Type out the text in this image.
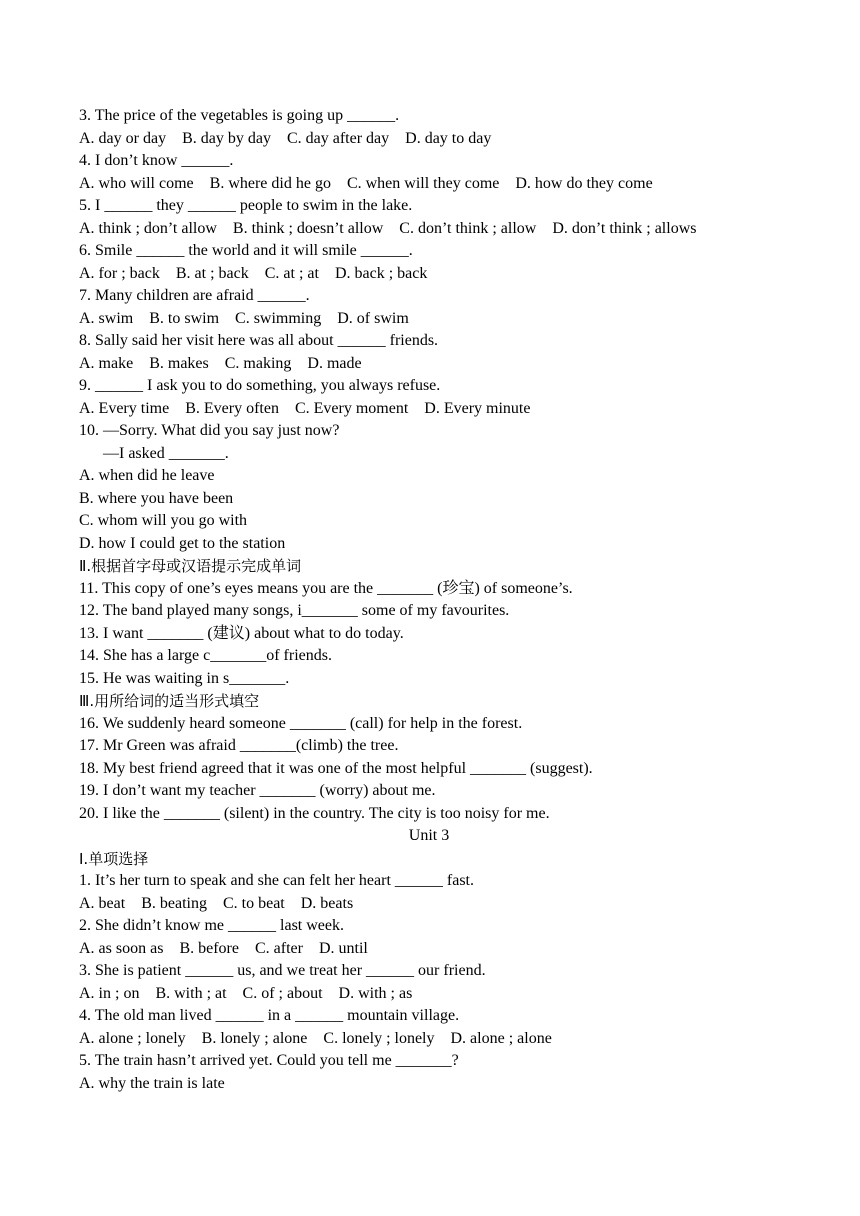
3. The price of the vegetables is going up ______.
A. day or day    B. day by day    C. day after day    D. day to day
4. I don’t know ______.
A. who will come    B. where did he go    C. when will they come    D. how do they come
5. I ______ they ______ people to swim in the lake.
A. think ; don’t allow    B. think ; doesn’t allow    C. don’t think ; allow    D. don’t think ; allows
6. Smile ______ the world and it will smile ______.
A. for ; back    B. at ; back    C. at ; at    D. back ; back
7. Many children are afraid ______.
A. swim    B. to swim    C. swimming    D. of swim
8. Sally said her visit here was all about ______ friends.
A. make    B. makes    C. making    D. made
9. ______ I ask you to do something, you always refuse.
A. Every time    B. Every often    C. Every moment    D. Every minute
10. —Sorry. What did you say just now?
—I asked _______.
A. when did he leave
B. where you have been
C. whom will you go with
D. how I could get to the station
Ⅱ.根据首字母或汉语提示完成单词
11. This copy of one’s eyes means you are the _______ (珍宝) of someone’s.
12. The band played many songs, i_______ some of my favourites.
13. I want _______ (建议) about what to do today.
14. She has a large c_______of friends.
15. He was waiting in s_______.
Ⅲ.用所给词的适当形式填空
16. We suddenly heard someone _______ (call) for help in the forest.
17. Mr Green was afraid _______(climb) the tree.
18. My best friend agreed that it was one of the most helpful _______ (suggest).
19. I don’t want my teacher _______ (worry) about me.
20. I like the _______ (silent) in the country. The city is too noisy for me.
Unit 3
Ⅰ.单项选择
1. It’s her turn to speak and she can felt her heart ______ fast.
A. beat    B. beating    C. to beat    D. beats
2. She didn’t know me ______ last week.
A. as soon as    B. before    C. after    D. until
3. She is patient ______ us, and we treat her ______ our friend.
A. in ; on    B. with ; at    C. of ; about    D. with ; as
4. The old man lived ______ in a ______ mountain village.
A. alone ; lonely    B. lonely ; alone    C. lonely ; lonely    D. alone ; alone
5. The train hasn’t arrived yet. Could you tell me _______?
A. why the train is late
